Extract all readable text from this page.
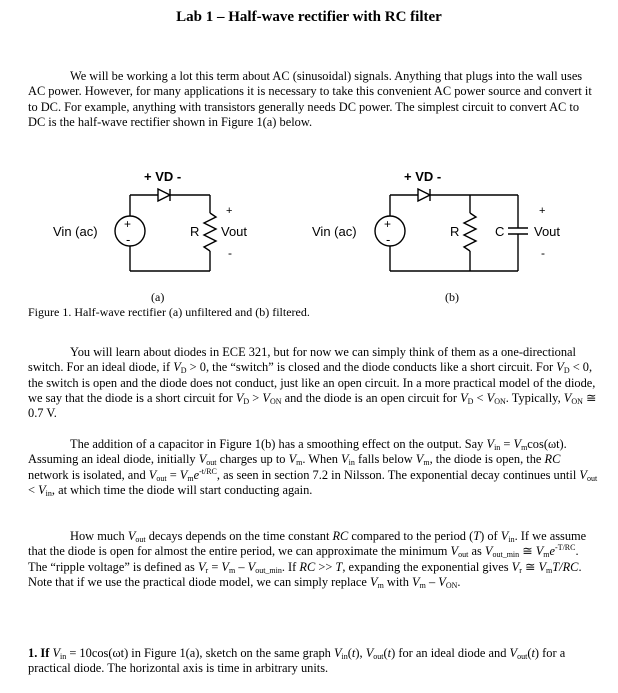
Lab 1 – Half-wave rectifier with RC filter

We will be working a lot this term about AC (sinusoidal) signals. Anything that plugs into the wall uses AC power. However, for many applications it is necessary to take this convenient AC power source and convert it to DC. For example, anything with transistors generally needs DC power. The simplest circuit to convert AC to DC is the half-wave rectifier shown in Figure 1(a) below.

+
-
+ VD -
Vin (ac)	R Vout
+
-
(a)
+
-
+ VD -
Vin (ac)	R	C Vout
+
-
(b)
Figure 1. Half-wave rectifier (a) unfiltered and (b) filtered.

You will learn about diodes in ECE 321, but for now we can simply think of them as a one-directional switch. For an ideal diode, if $V_D > 0$, the “switch” is closed and the diode conducts like a short circuit. For $V_D < 0$, the switch is open and the diode does not conduct, just like an open circuit. In a more practical model of the diode, we say that the diode is a short circuit for $V_D > V_{ON}$ and the diode is an open circuit for $V_D < V_{ON}$. Typically, $V_{ON}$ ≅ 0.7 V.

The addition of a capacitor in Figure 1(b) has a smoothing effect on the output. Say $V_{in} = V_m\cos(\omega t)$. Assuming an ideal diode, initially $V_{out}$ charges up to $V_m$. When $V_{in}$ falls below $V_m$, the diode is open, the RC network is isolated, and $V_{out} = V_me^{-t/RC}$, as seen in section 7.2 in Nilsson. The exponential decay continues until $V_{out} < V_{in}$, at which time the diode will start conducting again.

How much $V_{out}$ decays depends on the time constant RC compared to the period (T) of $V_{in}$. If we assume that the diode is open for almost the entire period, we can approximate the minimum $V_{out}$ as $V_{out\_min}$ ≅ $V_me^{-T/RC}$. The “ripple voltage” is defined as $V_r = V_m - V_{out\_min}$. If RC >> T, expanding the exponential gives $V_r$ ≅ $V_mT/RC$. Note that if we use the practical diode model, we can simply replace $V_m$ with $V_m - V_{ON}$.

1. If $V_{in} = 10\cos(\omega t)$ in Figure 1(a), sketch on the same graph $V_{in}(t)$, $V_{out}(t)$ for an ideal diode and $V_{out}(t)$ for a practical diode. The horizontal axis is time in arbitrary units.
